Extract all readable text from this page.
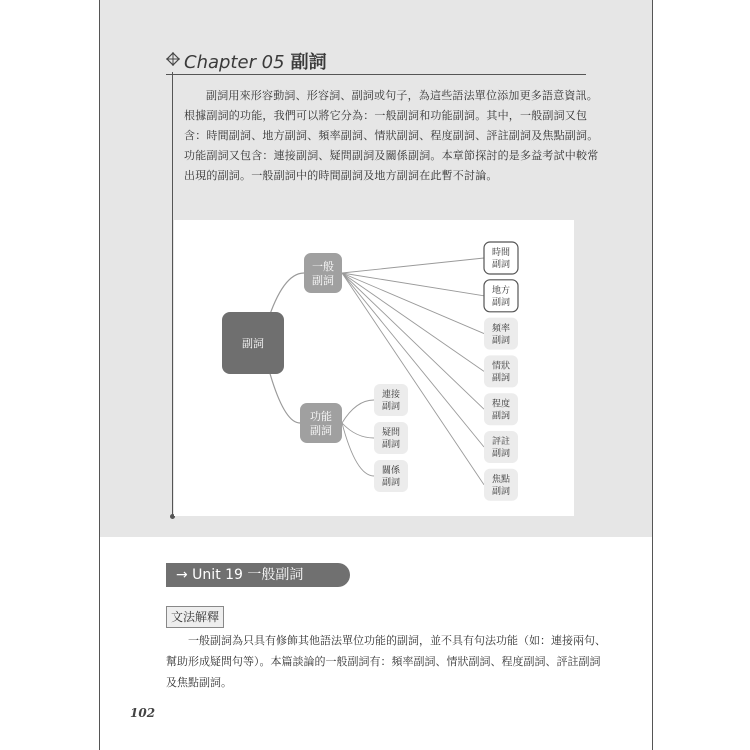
Chapter 05 副詞
副詞用來形容動詞、形容詞、副詞或句子，為這些語法單位添加更多語意資訊。根據副詞的功能，我們可以將它分為：一般副詞和功能副詞。其中，一般副詞又包含：時間副詞、地方副詞、頻率副詞、情狀副詞、程度副詞、評註副詞及焦點副詞。功能副詞又包含：連接副詞、疑問副詞及關係副詞。本章節探討的是多益考試中較常出現的副詞。一般副詞中的時間副詞及地方副詞在此暫不討論。
副詞
一般副詞
時間副詞
地方副詞
頻率副詞
情狀副詞
程度副詞
評註副詞
焦點副詞
功能副詞
連接副詞
疑問副詞
關係副詞
→ Unit 19 一般副詞
文法解釋
一般副詞為只具有修飾其他語法單位功能的副詞，並不具有句法功能（如：連接兩句、幫助形成疑問句等）。本篇談論的一般副詞有：頻率副詞、情狀副詞、程度副詞、評註副詞及焦點副詞。
102
